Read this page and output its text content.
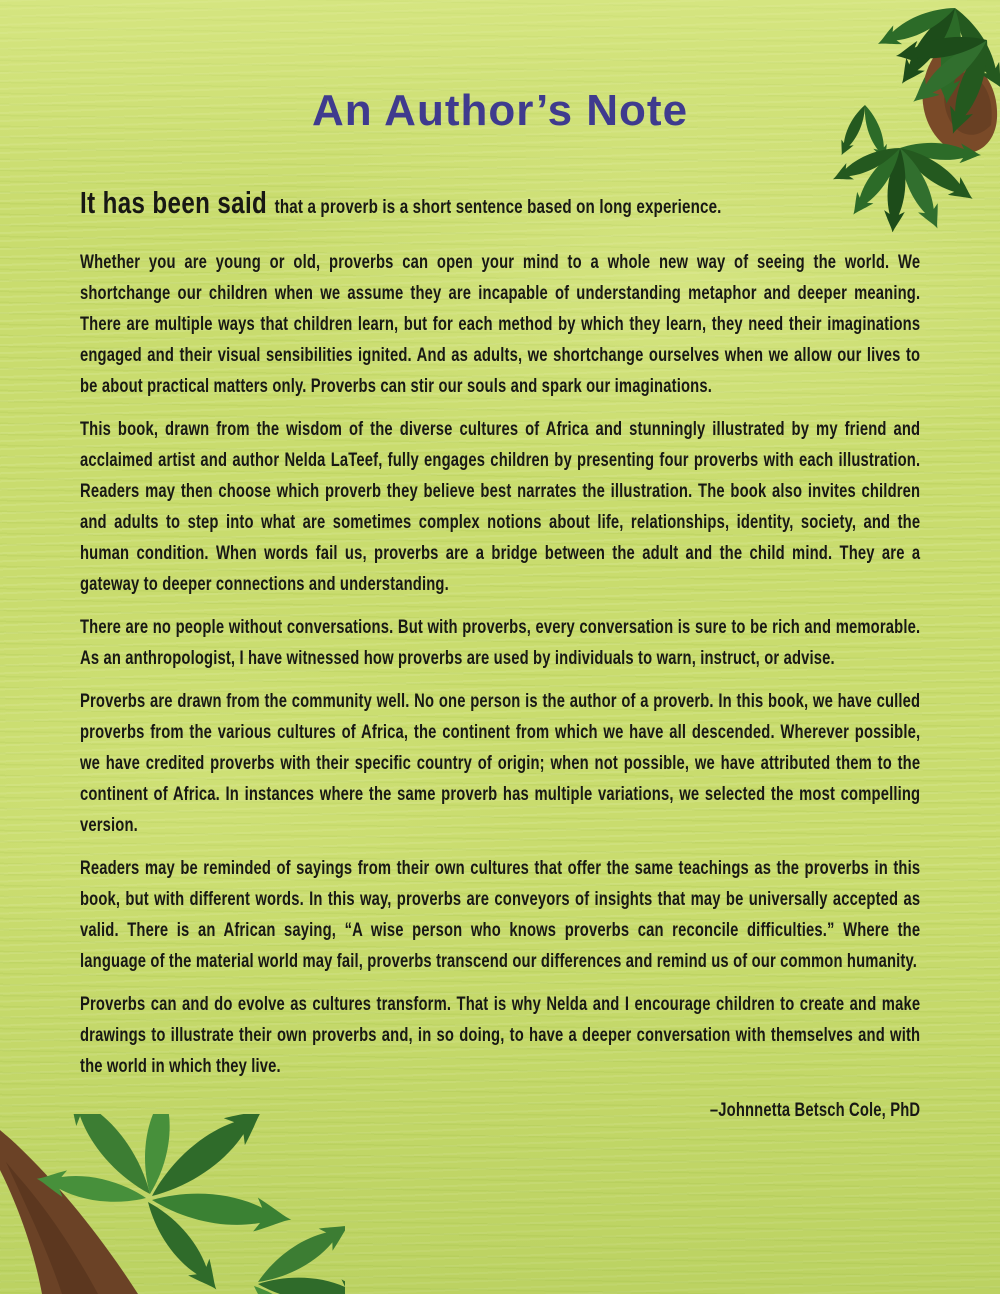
An Author’s Note

It has been said that a proverb is a short sentence based on long experience.

Whether you are young or old, proverbs can open your mind to a whole new way of seeing the world. We shortchange our children when we assume they are incapable of understanding metaphor and deeper meaning. There are multiple ways that children learn, but for each method by which they learn, they need their imaginations engaged and their visual sensibilities ignited. And as adults, we shortchange ourselves when we allow our lives to be about practical matters only. Proverbs can stir our souls and spark our imaginations.

This book, drawn from the wisdom of the diverse cultures of Africa and stunningly illustrated by my friend and acclaimed artist and author Nelda LaTeef, fully engages children by presenting four proverbs with each illustration. Readers may then choose which proverb they believe best narrates the illustration. The book also invites children and adults to step into what are sometimes complex notions about life, relationships, identity, society, and the human condition. When words fail us, proverbs are a bridge between the adult and the child mind. They are a gateway to deeper connections and understanding.

There are no people without conversations. But with proverbs, every conversation is sure to be rich and memorable. As an anthropologist, I have witnessed how proverbs are used by individuals to warn, instruct, or advise.

Proverbs are drawn from the community well. No one person is the author of a proverb. In this book, we have culled proverbs from the various cultures of Africa, the continent from which we have all descended. Wherever possible, we have credited proverbs with their specific country of origin; when not possible, we have attributed them to the continent of Africa. In instances where the same proverb has multiple variations, we selected the most compelling version.

Readers may be reminded of sayings from their own cultures that offer the same teachings as the proverbs in this book, but with different words. In this way, proverbs are conveyors of insights that may be universally accepted as valid. There is an African saying, “A wise person who knows proverbs can reconcile difficulties.” Where the language of the material world may fail, proverbs transcend our differences and remind us of our common humanity.

Proverbs can and do evolve as cultures transform. That is why Nelda and I encourage children to create and make drawings to illustrate their own proverbs and, in so doing, to have a deeper conversation with themselves and with the world in which they live.

–Johnnetta Betsch Cole, PhD
